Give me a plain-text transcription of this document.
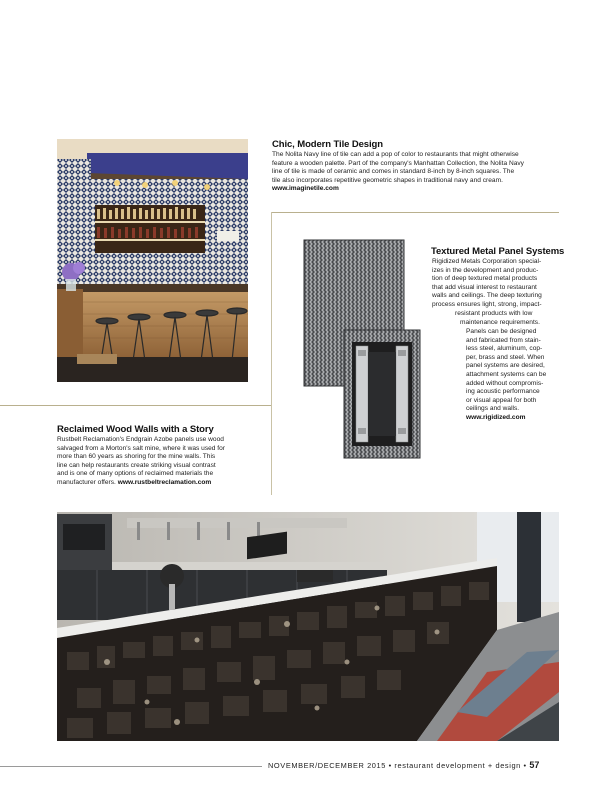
Chic, Modern Tile Design
The Nolita Navy line of tile can add a pop of color to restaurants that might otherwise
feature a wooden palette. Part of the company's Manhattan Collection, the Nolita Navy
line of tile is made of ceramic and comes in standard 8-inch by 8-inch squares. The
tile also incorporates repetitive geometric shapes in traditional navy and cream.
www.imaginetile.com
Textured Metal Panel Systems
Rigidized Metals Corporation special-
izes in the development and produc-
tion of deep textured metal products
that add visual interest to restaurant
walls and ceilings. The deep texturing
process ensures light, strong, impact-
resistant products with low
maintenance requirements.
Panels can be designed
and fabricated from stain-
less steel, aluminum, cop-
per, brass and steel. When
panel systems are desired,
attachment systems can be
added without compromis-
ing acoustic performance
or visual appeal for both
ceilings and walls.
www.rigidized.com
Reclaimed Wood Walls with a Story
Rustbelt Reclamation's Endgrain Azobe panels use wood
salvaged from a Morton's salt mine, where it was used for
more than 60 years as shoring for the mine walls. This
line can help restaurants create striking visual contrast
and is one of many options of reclaimed materials the
manufacturer offers. www.rustbeltreclamation.com
NOVEMBER/DECEMBER 2015 • restaurant development + design • 57
